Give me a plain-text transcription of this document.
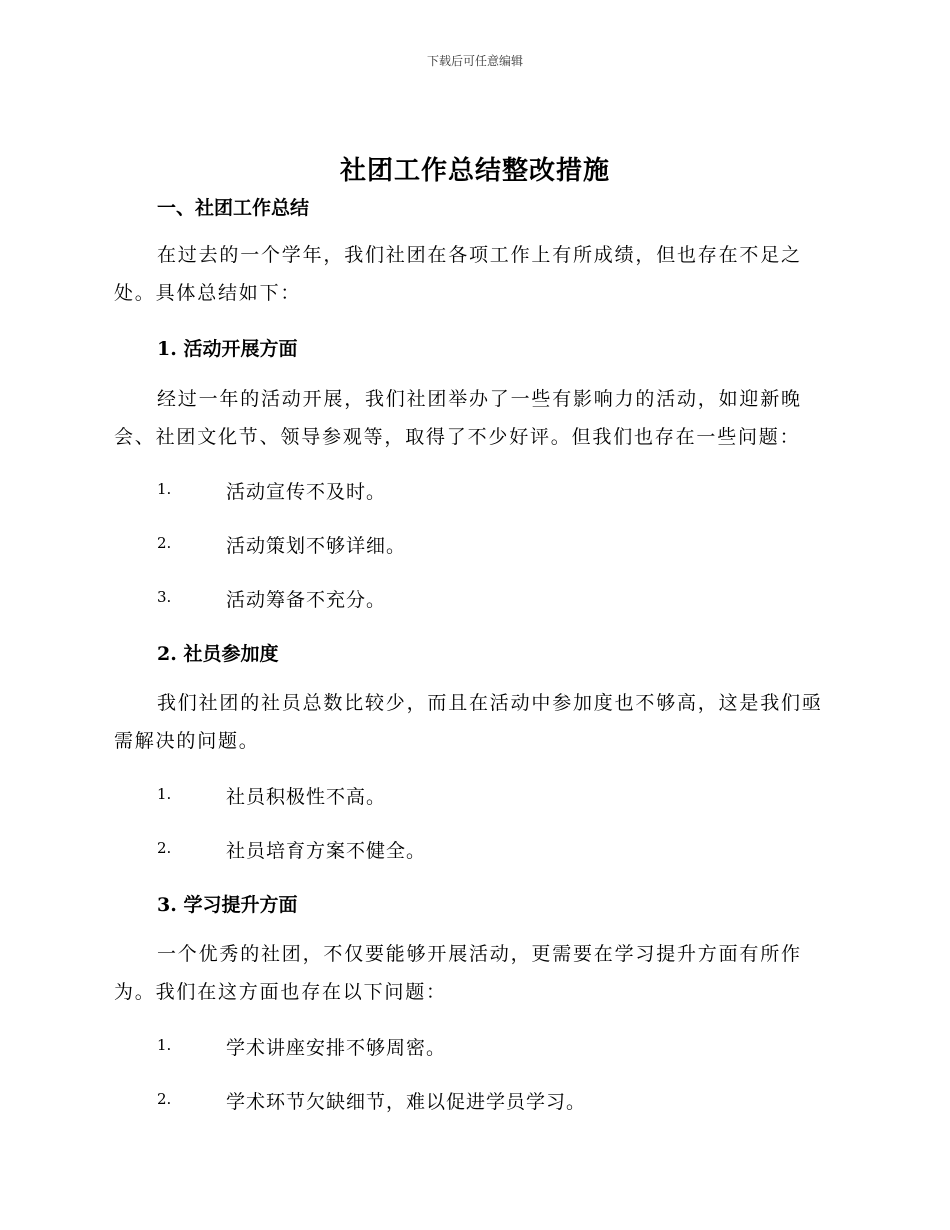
下载后可任意编辑
社团工作总结整改措施
一、社团工作总结

在过去的一个学年，我们社团在各项工作上有所成绩，但也存在不足之处。具体总结如下：

1. 活动开展方面

经过一年的活动开展，我们社团举办了一些有影响力的活动，如迎新晚会、社团文化节、领导参观等，取得了不少好评。但我们也存在一些问题：

1.	活动宣传不及时。
2.	活动策划不够详细。
3.	活动筹备不充分。
2. 社员参加度

我们社团的社员总数比较少，而且在活动中参加度也不够高，这是我们亟需解决的问题。

1.	社员积极性不高。
2.	社员培育方案不健全。
3. 学习提升方面

一个优秀的社团，不仅要能够开展活动，更需要在学习提升方面有所作为。我们在这方面也存在以下问题：

1.	学术讲座安排不够周密。
2.	学术环节欠缺细节，难以促进学员学习。
